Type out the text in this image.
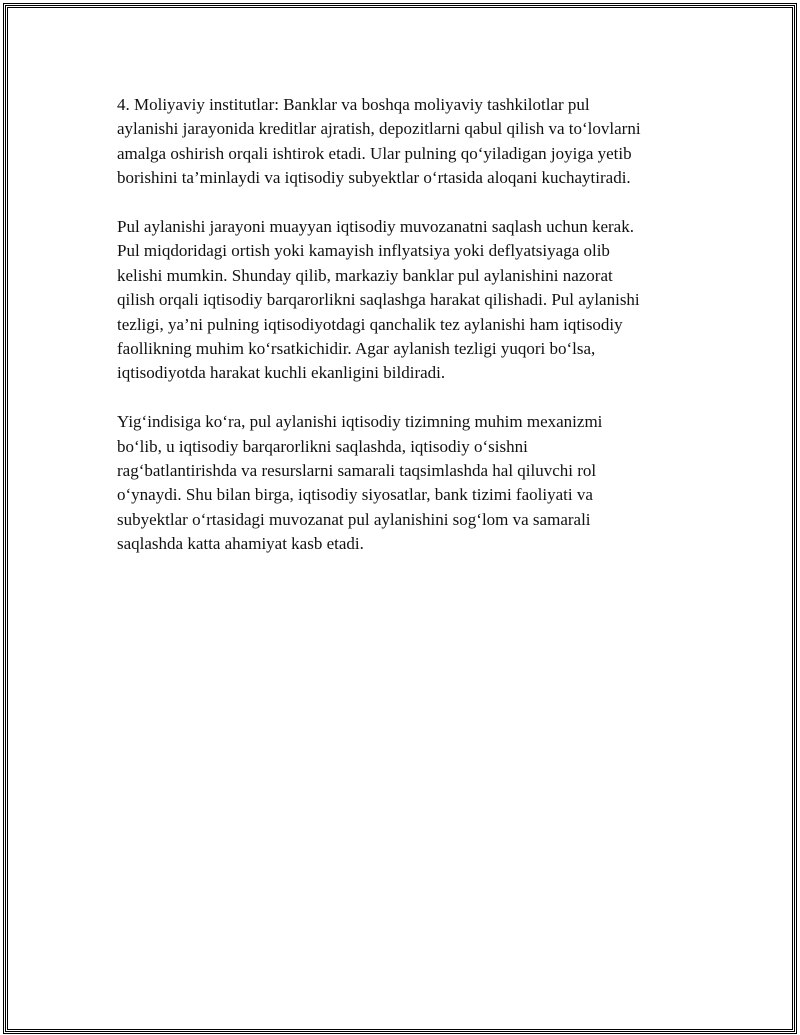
4. Moliyaviy institutlar: Banklar va boshqa moliyaviy tashkilotlar pul
aylanishi jarayonida kreditlar ajratish, depozitlarni qabul qilish va to‘lovlarni
amalga oshirish orqali ishtirok etadi. Ular pulning qo‘yiladigan joyiga yetib
borishini ta’minlaydi va iqtisodiy subyektlar o‘rtasida aloqani kuchaytiradi.

Pul aylanishi jarayoni muayyan iqtisodiy muvozanatni saqlash uchun kerak.
Pul miqdoridagi ortish yoki kamayish inflyatsiya yoki deflyatsiyaga olib
kelishi mumkin. Shunday qilib, markaziy banklar pul aylanishini nazorat
qilish orqali iqtisodiy barqarorlikni saqlashga harakat qilishadi. Pul aylanishi
tezligi, ya’ni pulning iqtisodiyotdagi qanchalik tez aylanishi ham iqtisodiy
faollikning muhim ko‘rsatkichidir. Agar aylanish tezligi yuqori bo‘lsa,
iqtisodiyotda harakat kuchli ekanligini bildiradi.

Yig‘indisiga ko‘ra, pul aylanishi iqtisodiy tizimning muhim mexanizmi
bo‘lib, u iqtisodiy barqarorlikni saqlashda, iqtisodiy o‘sishni
rag‘batlantirishda va resurslarni samarali taqsimlashda hal qiluvchi rol
o‘ynaydi. Shu bilan birga, iqtisodiy siyosatlar, bank tizimi faoliyati va
subyektlar o‘rtasidagi muvozanat pul aylanishini sog‘lom va samarali
saqlashda katta ahamiyat kasb etadi.
